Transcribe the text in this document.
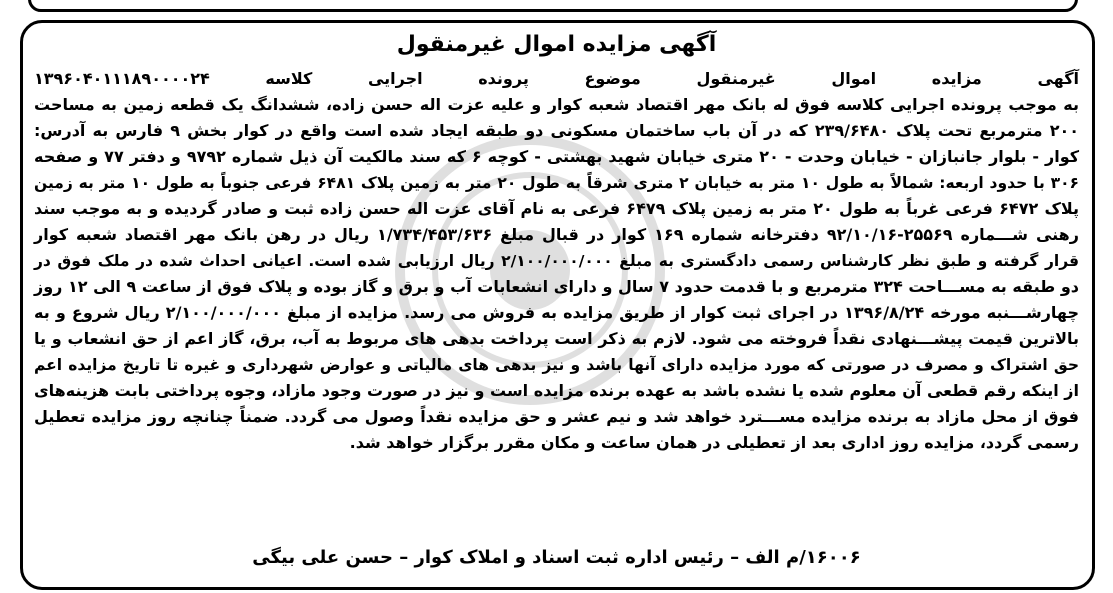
آگهی مزایده اموال غیرمنقول
آگهی مزایده اموال غیرمنقول موضوع پرونده اجرایی کلاسه ۱۳۹۶۰۴۰۱۱۱۸۹۰۰۰۰۲۴
به موجب پرونده اجرایی کلاسه فوق له بانک مهر اقتصاد شعبه کوار و علیه عزت اله حسن زاده، ششدانگ یک قطعه زمین به مساحت
۲۰۰ مترمربع تحت پلاک ۲۳۹/۶۴۸۰ که در آن باب ساختمان مسکونی دو طبقه ایجاد شده است واقع در کوار بخش ۹ فارس به آدرس:
کوار - بلوار جانبازان - خیابان وحدت - ۲۰ متری خیابان شهید بهشتی - کوچه ۶ که سند مالکیت آن ذیل شماره ۹۷۹۲ و دفتر ۷۷ و صفحه
۳۰۶ با حدود اربعه: شمالاً به طول ۱۰ متر به خیابان ۲ متری شرقاً به طول ۲۰ متر به زمین پلاک ۶۴۸۱ فرعی جنوباً به طول ۱۰ متر به زمین
پلاک ۶۴۷۲ فرعی غرباً به طول ۲۰ متر به زمین پلاک ۶۴۷۹ فرعی به نام آقای عزت اله حسن زاده ثبت و صادر گردیده و به موجب سند
رهنی شـــماره ۲۵۵۶۹-۹۲/۱۰/۱۶ دفترخانه شماره ۱۶۹ کوار در قبال مبلغ ۱/۷۳۴/۴۵۳/۶۳۶ ریال در رهن بانک مهر اقتصاد شعبه کوار
قرار گرفته و طبق نظر کارشناس رسمی دادگستری به مبلغ ۲/۱۰۰/۰۰۰/۰۰۰ ریال ارزیابی شده است. اعیانی احداث شده در ملک فوق در
دو طبقه به مســـاحت ۳۲۴ مترمربع و با قدمت حدود ۷ سال و دارای انشعابات آب و برق و گاز بوده و پلاک فوق از ساعت ۹ الی ۱۲ روز
چهارشـــنبه مورخه ۱۳۹۶/۸/۲۴ در اجرای ثبت کوار از طریق مزایده به فروش می رسد. مزایده از مبلغ ۲/۱۰۰/۰۰۰/۰۰۰ ریال شروع و به
بالاترین قیمت پیشـــنهادی نقداً فروخته می شود. لازم به ذکر است پرداخت بدهی های مربوط به آب، برق، گاز اعم از حق انشعاب و یا
حق اشتراک و مصرف در صورتی که مورد مزایده دارای آنها باشد و نیز بدهی های مالیاتی و عوارض شهرداری و غیره تا تاریخ مزایده اعم
از اینکه رقم قطعی آن معلوم شده یا نشده باشد به عهده برنده مزایده است و نیز در صورت وجود مازاد، وجوه پرداختی بابت هزینه‌های
فوق از محل مازاد به برنده مزایده مســـترد خواهد شد و نیم عشر و حق مزایده نقداً وصول می گردد. ضمناً چنانچه روز مزایده تعطیل
رسمی گردد، مزایده روز اداری بعد از تعطیلی در همان ساعت و مکان مقرر برگزار خواهد شد.

۱۶۰۰۶/م الف – رئیس اداره ثبت اسناد و املاک کوار – حسن علی بیگی
